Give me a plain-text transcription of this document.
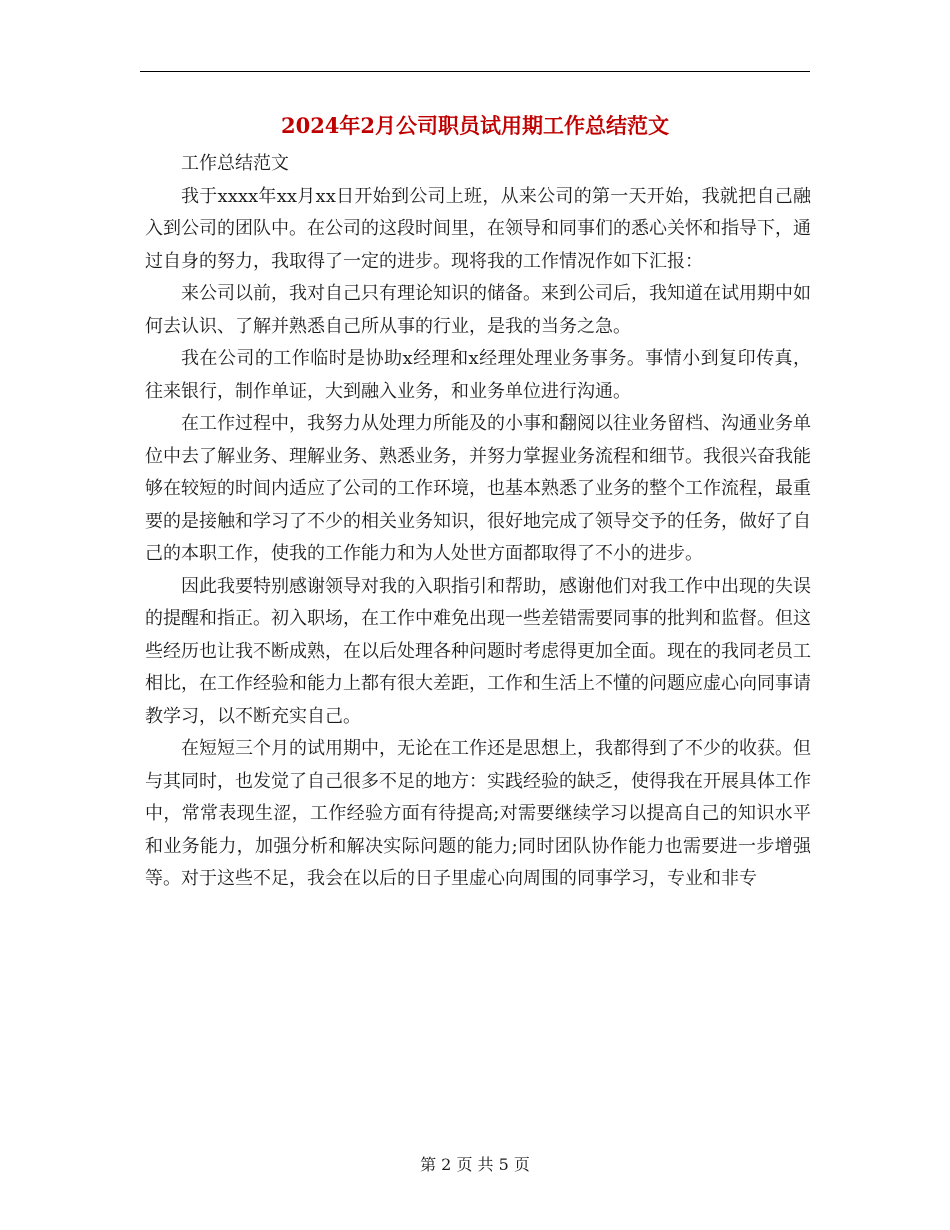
2024年2月公司职员试用期工作总结范文

工作总结范文

我于xxxx年xx月xx日开始到公司上班，从来公司的第一天开始，我就把自己融入到公司的团队中。在公司的这段时间里，在领导和同事们的悉心关怀和指导下，通过自身的努力，我取得了一定的进步。现将我的工作情况作如下汇报：

来公司以前，我对自己只有理论知识的储备。来到公司后，我知道在试用期中如何去认识、了解并熟悉自己所从事的行业，是我的当务之急。

我在公司的工作临时是协助x经理和x经理处理业务事务。事情小到复印传真，往来银行，制作单证，大到融入业务，和业务单位进行沟通。

在工作过程中，我努力从处理力所能及的小事和翻阅以往业务留档、沟通业务单位中去了解业务、理解业务、熟悉业务，并努力掌握业务流程和细节。我很兴奋我能够在较短的时间内适应了公司的工作环境，也基本熟悉了业务的整个工作流程，最重要的是接触和学习了不少的相关业务知识，很好地完成了领导交予的任务，做好了自己的本职工作，使我的工作能力和为人处世方面都取得了不小的进步。

因此我要特别感谢领导对我的入职指引和帮助，感谢他们对我工作中出现的失误的提醒和指正。初入职场，在工作中难免出现一些差错需要同事的批判和监督。但这些经历也让我不断成熟，在以后处理各种问题时考虑得更加全面。现在的我同老员工相比，在工作经验和能力上都有很大差距，工作和生活上不懂的问题应虚心向同事请教学习，以不断充实自己。

在短短三个月的试用期中，无论在工作还是思想上，我都得到了不少的收获。但与其同时，也发觉了自己很多不足的地方：实践经验的缺乏，使得我在开展具体工作中，常常表现生涩，工作经验方面有待提高;对需要继续学习以提高自己的知识水平和业务能力，加强分析和解决实际问题的能力;同时团队协作能力也需要进一步增强等。对于这些不足，我会在以后的日子里虚心向周围的同事学习，专业和非专

第 2 页 共 5 页
